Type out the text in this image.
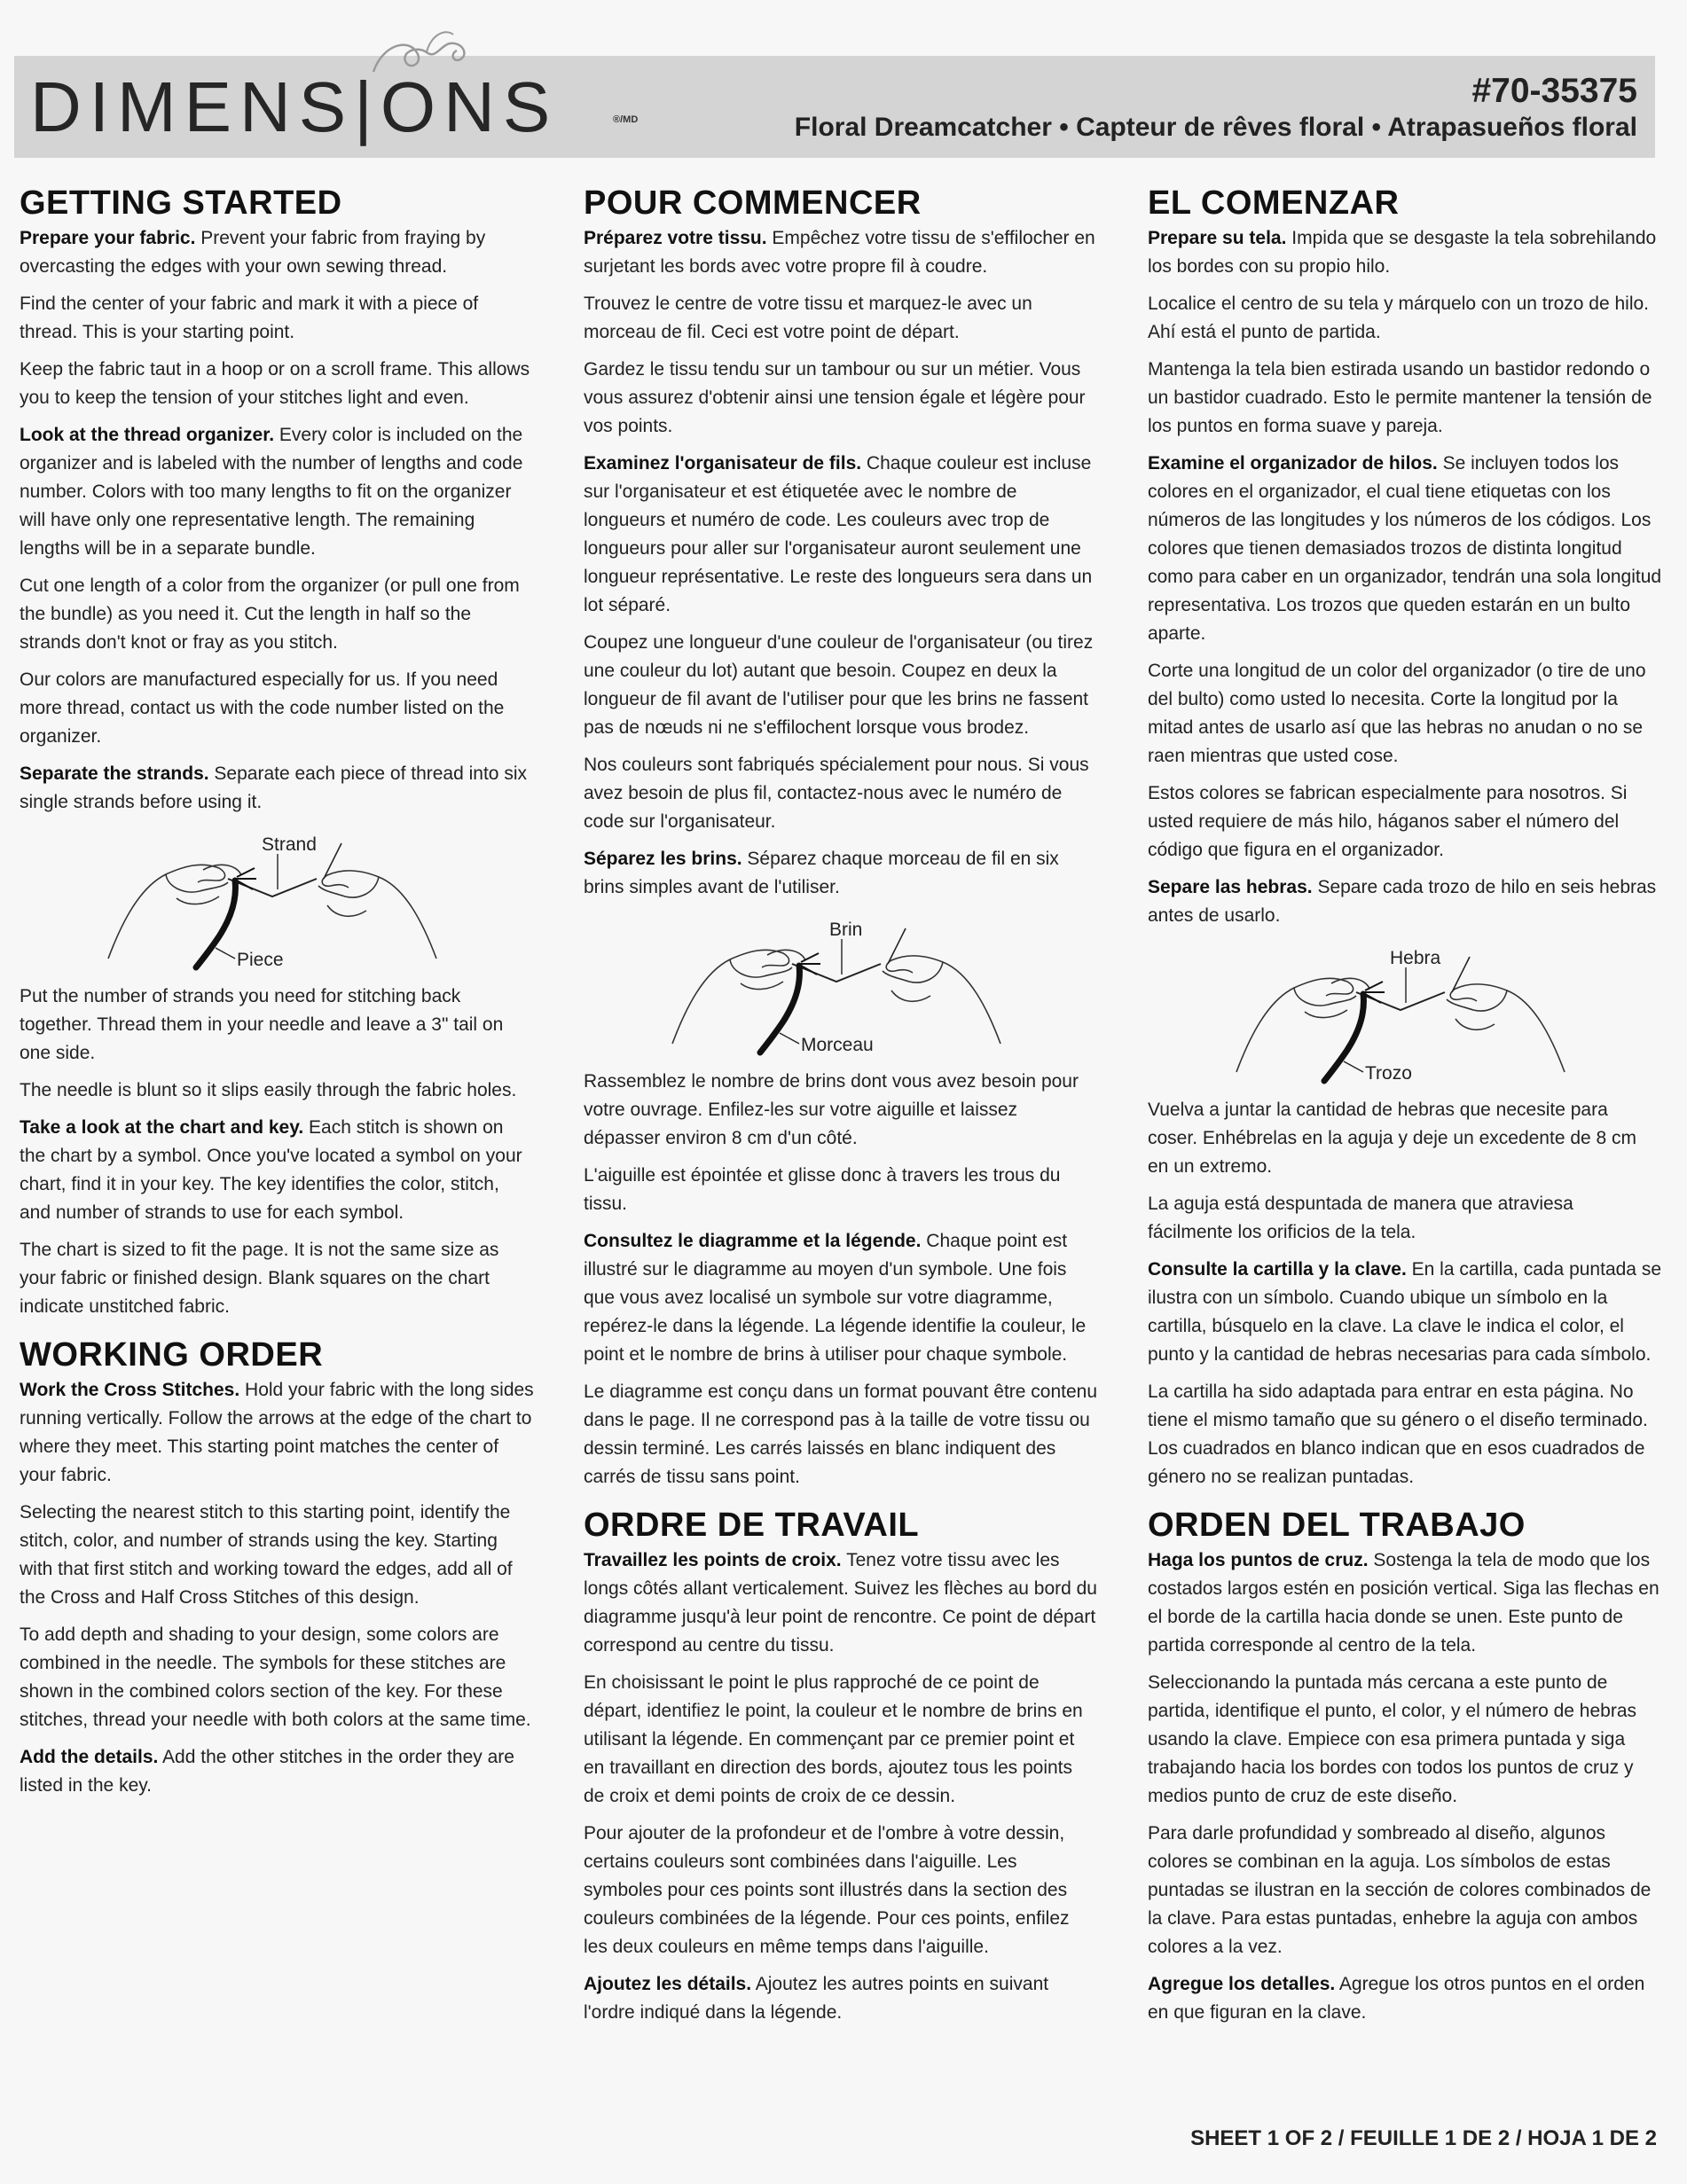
DIMENS|ONS	®/MD
#70-35375
Floral Dreamcatcher • Capteur de rêves floral • Atrapasueños floral
GETTING STARTED

Prepare your fabric. Prevent your fabric from fraying by overcasting the edges with your own sewing thread.

Find the center of your fabric and mark it with a piece of thread. This is your starting point.

Keep the fabric taut in a hoop or on a scroll frame. This allows you to keep the tension of your stitches light and even.

Look at the thread organizer. Every color is included on the organizer and is labeled with the number of lengths and code number. Colors with too many lengths to fit on the organizer will have only one representative length. The remaining lengths will be in a separate bundle.

Cut one length of a color from the organizer (or pull one from the bundle) as you need it. Cut the length in half so the strands don't knot or fray as you stitch.

Our colors are manufactured especially for us. If you need more thread, contact us with the code number listed on the organizer.

Separate the strands. Separate each piece of thread into six single strands before using it.

Strand
Piece

Put the number of strands you need for stitching back together. Thread them in your needle and leave a 3" tail on one side.

The needle is blunt so it slips easily through the fabric holes.

Take a look at the chart and key. Each stitch is shown on the chart by a symbol. Once you've located a symbol on your chart, find it in your key. The key identifies the color, stitch, and number of strands to use for each symbol.

The chart is sized to fit the page. It is not the same size as your fabric or finished design. Blank squares on the chart indicate unstitched fabric.

WORKING ORDER

Work the Cross Stitches. Hold your fabric with the long sides running vertically. Follow the arrows at the edge of the chart to where they meet. This starting point matches the center of your fabric.

Selecting the nearest stitch to this starting point, identify the stitch, color, and number of strands using the key. Starting with that first stitch and working toward the edges, add all of the Cross and Half Cross Stitches of this design.

To add depth and shading to your design, some colors are combined in the needle. The symbols for these stitches are shown in the combined colors section of the key. For these stitches, thread your needle with both colors at the same time.

Add the details. Add the other stitches in the order they are listed in the key.

POUR COMMENCER

Préparez votre tissu. Empêchez votre tissu de s'effilocher en surjetant les bords avec votre propre fil à coudre.

Trouvez le centre de votre tissu et marquez-le avec un morceau de fil. Ceci est votre point de départ.

Gardez le tissu tendu sur un tambour ou sur un métier. Vous vous assurez d'obtenir ainsi une tension égale et légère pour vos points.

Examinez l'organisateur de fils. Chaque couleur est incluse sur l'organisateur et est étiquetée avec le nombre de longueurs et numéro de code. Les couleurs avec trop de longueurs pour aller sur l'organisateur auront seulement une longueur représentative. Le reste des longueurs sera dans un lot séparé.

Coupez une longueur d'une couleur de l'organisateur (ou tirez une couleur du lot) autant que besoin. Coupez en deux la longueur de fil avant de l'utiliser pour que les brins ne fassent pas de nœuds ni ne s'effilochent lorsque vous brodez.

Nos couleurs sont fabriqués spécialement pour nous. Si vous avez besoin de plus fil, contactez-nous avec le numéro de code sur l'organisateur.

Séparez les brins. Séparez chaque morceau de fil en six brins simples avant de l'utiliser.

Brin
Morceau

Rassemblez le nombre de brins dont vous avez besoin pour votre ouvrage. Enfilez-les sur votre aiguille et laissez dépasser environ 8 cm d'un côté.

L'aiguille est épointée et glisse donc à travers les trous du tissu.

Consultez le diagramme et la légende. Chaque point est illustré sur le diagramme au moyen d'un symbole. Une fois que vous avez localisé un symbole sur votre diagramme, repérez-le dans la légende. La légende identifie la couleur, le point et le nombre de brins à utiliser pour chaque symbole.

Le diagramme est conçu dans un format pouvant être contenu dans le page. Il ne correspond pas à la taille de votre tissu ou dessin terminé. Les carrés laissés en blanc indiquent des carrés de tissu sans point.

ORDRE DE TRAVAIL

Travaillez les points de croix. Tenez votre tissu avec les longs côtés allant verticalement. Suivez les flèches au bord du diagramme jusqu'à leur point de rencontre. Ce point de départ correspond au centre du tissu.

En choisissant le point le plus rapproché de ce point de départ, identifiez le point, la couleur et le nombre de brins en utilisant la légende. En commençant par ce premier point et en travaillant en direction des bords, ajoutez tous les points de croix et demi points de croix de ce dessin.

Pour ajouter de la profondeur et de l'ombre à votre dessin, certains couleurs sont combinées dans l'aiguille. Les symboles pour ces points sont illustrés dans la section des couleurs combinées de la légende. Pour ces points, enfilez les deux couleurs en même temps dans l'aiguille.

Ajoutez les détails. Ajoutez les autres points en suivant l'ordre indiqué dans la légende.

EL COMENZAR

Prepare su tela. Impida que se desgaste la tela sobrehilando los bordes con su propio hilo.

Localice el centro de su tela y márquelo con un trozo de hilo. Ahí está el punto de partida.

Mantenga la tela bien estirada usando un bastidor redondo o un bastidor cuadrado. Esto le permite mantener la tensión de los puntos en forma suave y pareja.

Examine el organizador de hilos. Se incluyen todos los colores en el organizador, el cual tiene etiquetas con los números de las longitudes y los números de los códigos. Los colores que tienen demasiados trozos de distinta longitud como para caber en un organizador, tendrán una sola longitud representativa. Los trozos que queden estarán en un bulto aparte.

Corte una longitud de un color del organizador (o tire de uno del bulto) como usted lo necesita. Corte la longitud por la mitad antes de usarlo así que las hebras no anudan o no se raen mientras que usted cose.

Estos colores se fabrican especialmente para nosotros. Si usted requiere de más hilo, háganos saber el número del código que figura en el organizador.

Separe las hebras. Separe cada trozo de hilo en seis hebras antes de usarlo.

Hebra
Trozo

Vuelva a juntar la cantidad de hebras que necesite para coser. Enhébrelas en la aguja y deje un excedente de 8 cm en un extremo.

La aguja está despuntada de manera que atraviesa fácilmente los orificios de la tela.

Consulte la cartilla y la clave. En la cartilla, cada puntada se ilustra con un símbolo. Cuando ubique un símbolo en la cartilla, búsquelo en la clave. La clave le indica el color, el punto y la cantidad de hebras necesarias para cada símbolo.

La cartilla ha sido adaptada para entrar en esta página. No tiene el mismo tamaño que su género o el diseño terminado. Los cuadrados en blanco indican que en esos cuadrados de género no se realizan puntadas.

ORDEN DEL TRABAJO

Haga los puntos de cruz. Sostenga la tela de modo que los costados largos estén en posición vertical. Siga las flechas en el borde de la cartilla hacia donde se unen. Este punto de partida corresponde al centro de la tela.

Seleccionando la puntada más cercana a este punto de partida, identifique el punto, el color, y el número de hebras usando la clave. Empiece con esa primera puntada y siga trabajando hacia los bordes con todos los puntos de cruz y medios punto de cruz de este diseño.

Para darle profundidad y sombreado al diseño, algunos colores se combinan en la aguja. Los símbolos de estas puntadas se ilustran en la sección de colores combinados de la clave. Para estas puntadas, enhebre la aguja con ambos colores a la vez.

Agregue los detalles. Agregue los otros puntos en el orden en que figuran en la clave.

SHEET 1 OF 2 / FEUILLE 1 DE 2 / HOJA 1 DE 2
